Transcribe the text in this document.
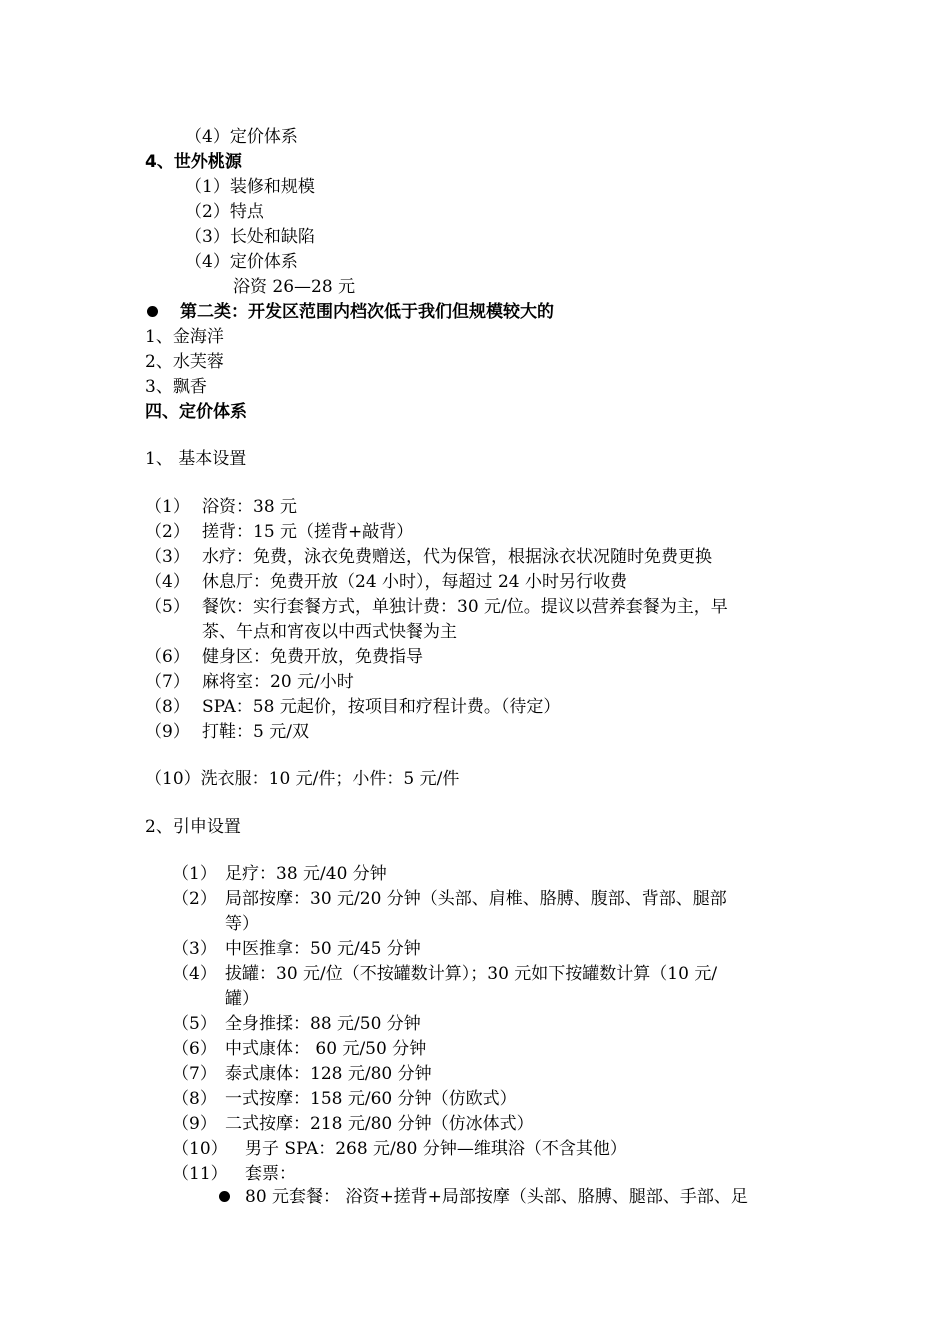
（4）定价体系
4、世外桃源
（1）装修和规模
（2）特点
（3）长处和缺陷
（4）定价体系
浴资 26—28 元
第二类：开发区范围内档次低于我们但规模较大的
1、金海洋
2、水芙蓉
3、飘香
四、定价体系
1、 基本设置
（1） 浴资：38 元
（2） 搓背：15 元（搓背+敲背）
（3） 水疗：免费，泳衣免费赠送，代为保管，根据泳衣状况随时免费更换
（4） 休息厅：免费开放（24 小时），每超过 24 小时另行收费
（5） 餐饮：实行套餐方式，单独计费：30 元/位。提议以营养套餐为主，早
茶、午点和宵夜以中西式快餐为主
（6） 健身区：免费开放，免费指导
（7） 麻将室：20 元/小时
（8） SPA：58 元起价，按项目和疗程计费。（待定）
（9） 打鞋：5 元/双
（10）洗衣服：10 元/件；小件：5 元/件
2、引申设置
（1） 足疗：38 元/40 分钟
（2） 局部按摩：30 元/20 分钟（头部、肩椎、胳膊、腹部、背部、腿部
等）
（3） 中医推拿：50 元/45 分钟
（4） 拔罐：30 元/位（不按罐数计算）；30 元如下按罐数计算（10 元/
罐）
（5） 全身推揉：88 元/50 分钟
（6） 中式康体： 60 元/50 分钟
（7） 泰式康体：128 元/80 分钟
（8） 一式按摩：158 元/60 分钟（仿欧式）
（9） 二式按摩：218 元/80 分钟（仿冰体式）
（10） 男子 SPA：268 元/80 分钟—维琪浴（不含其他）
（11） 套票：
80 元套餐： 浴资+搓背+局部按摩（头部、胳膊、腿部、手部、足
